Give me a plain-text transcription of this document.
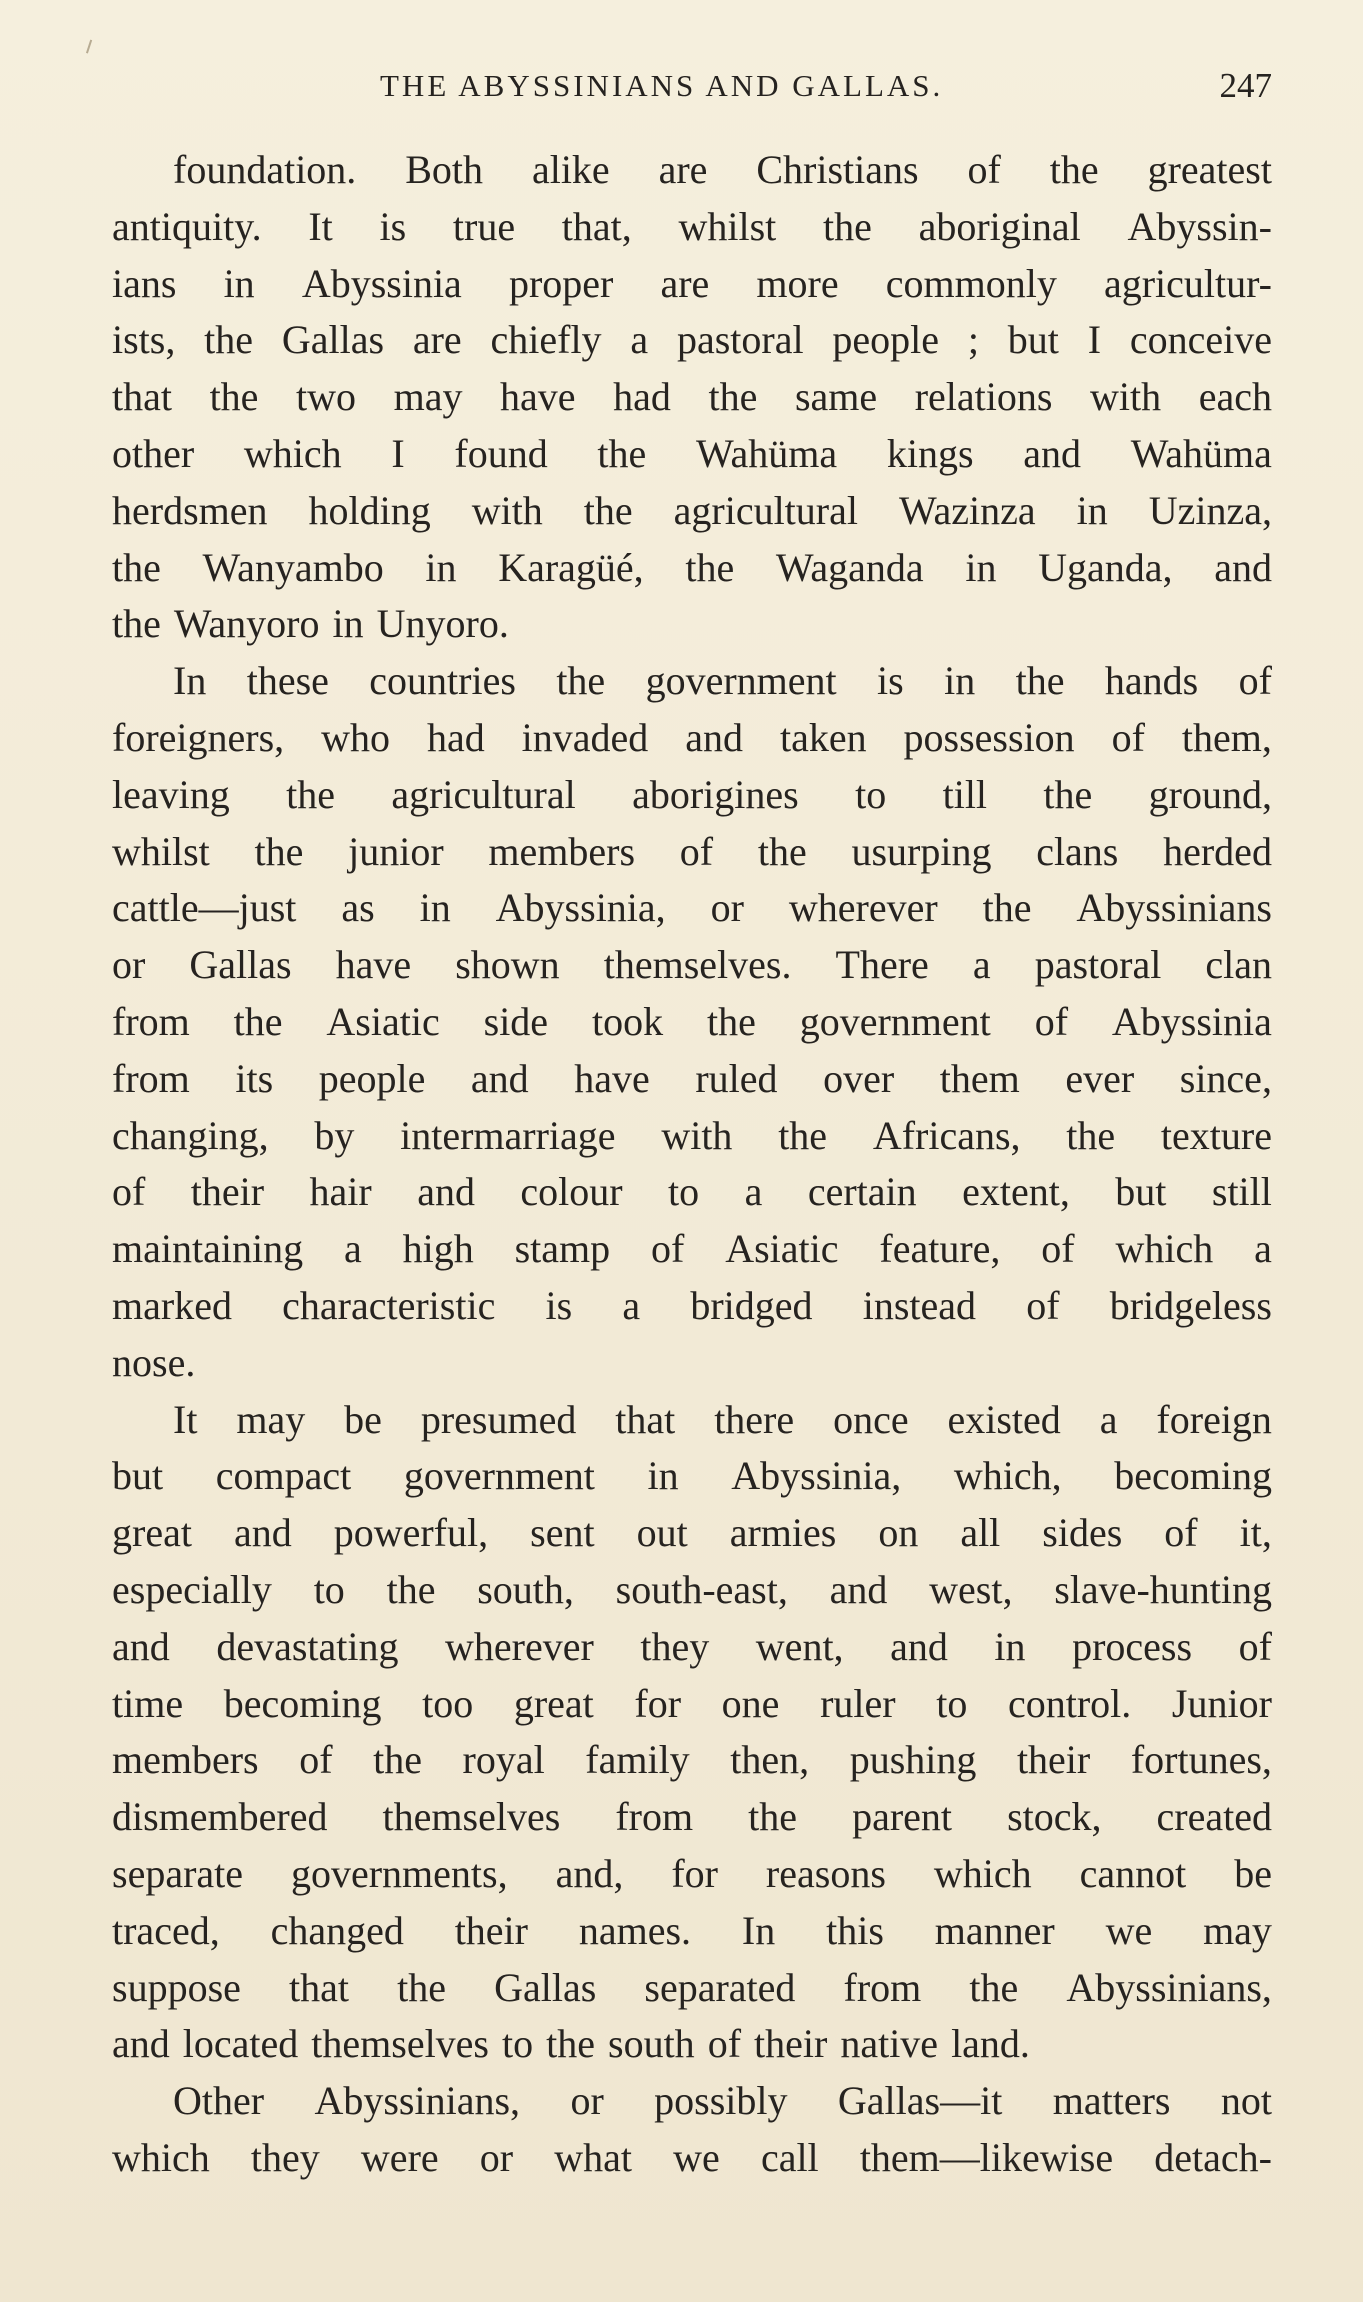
THE ABYSSINIANS AND GALLAS.	247
foundation. Both alike are Christians of the greatest
antiquity. It is true that, whilst the aboriginal Abyssin-
ians in Abyssinia proper are more commonly agricultur-
ists, the Gallas are chiefly a pastoral people ; but I conceive
that the two may have had the same relations with each
other which I found the Wahüma kings and Wahüma
herdsmen holding with the agricultural Wazinza in Uzinza,
the Wanyambo in Karagüé, the Waganda in Uganda, and
the Wanyoro in Unyoro.
In these countries the government is in the hands of
foreigners, who had invaded and taken possession of them,
leaving the agricultural aborigines to till the ground,
whilst the junior members of the usurping clans herded
cattle—just as in Abyssinia, or wherever the Abyssinians
or Gallas have shown themselves. There a pastoral clan
from the Asiatic side took the government of Abyssinia
from its people and have ruled over them ever since,
changing, by intermarriage with the Africans, the texture
of their hair and colour to a certain extent, but still
maintaining a high stamp of Asiatic feature, of which a
marked characteristic is a bridged instead of bridgeless
nose.
It may be presumed that there once existed a foreign
but compact government in Abyssinia, which, becoming
great and powerful, sent out armies on all sides of it,
especially to the south, south-east, and west, slave-hunting
and devastating wherever they went, and in process of
time becoming too great for one ruler to control. Junior
members of the royal family then, pushing their fortunes,
dismembered themselves from the parent stock, created
separate governments, and, for reasons which cannot be
traced, changed their names. In this manner we may
suppose that the Gallas separated from the Abyssinians,
and located themselves to the south of their native land.
Other Abyssinians, or possibly Gallas—it matters not
which they were or what we call them—likewise detach-
